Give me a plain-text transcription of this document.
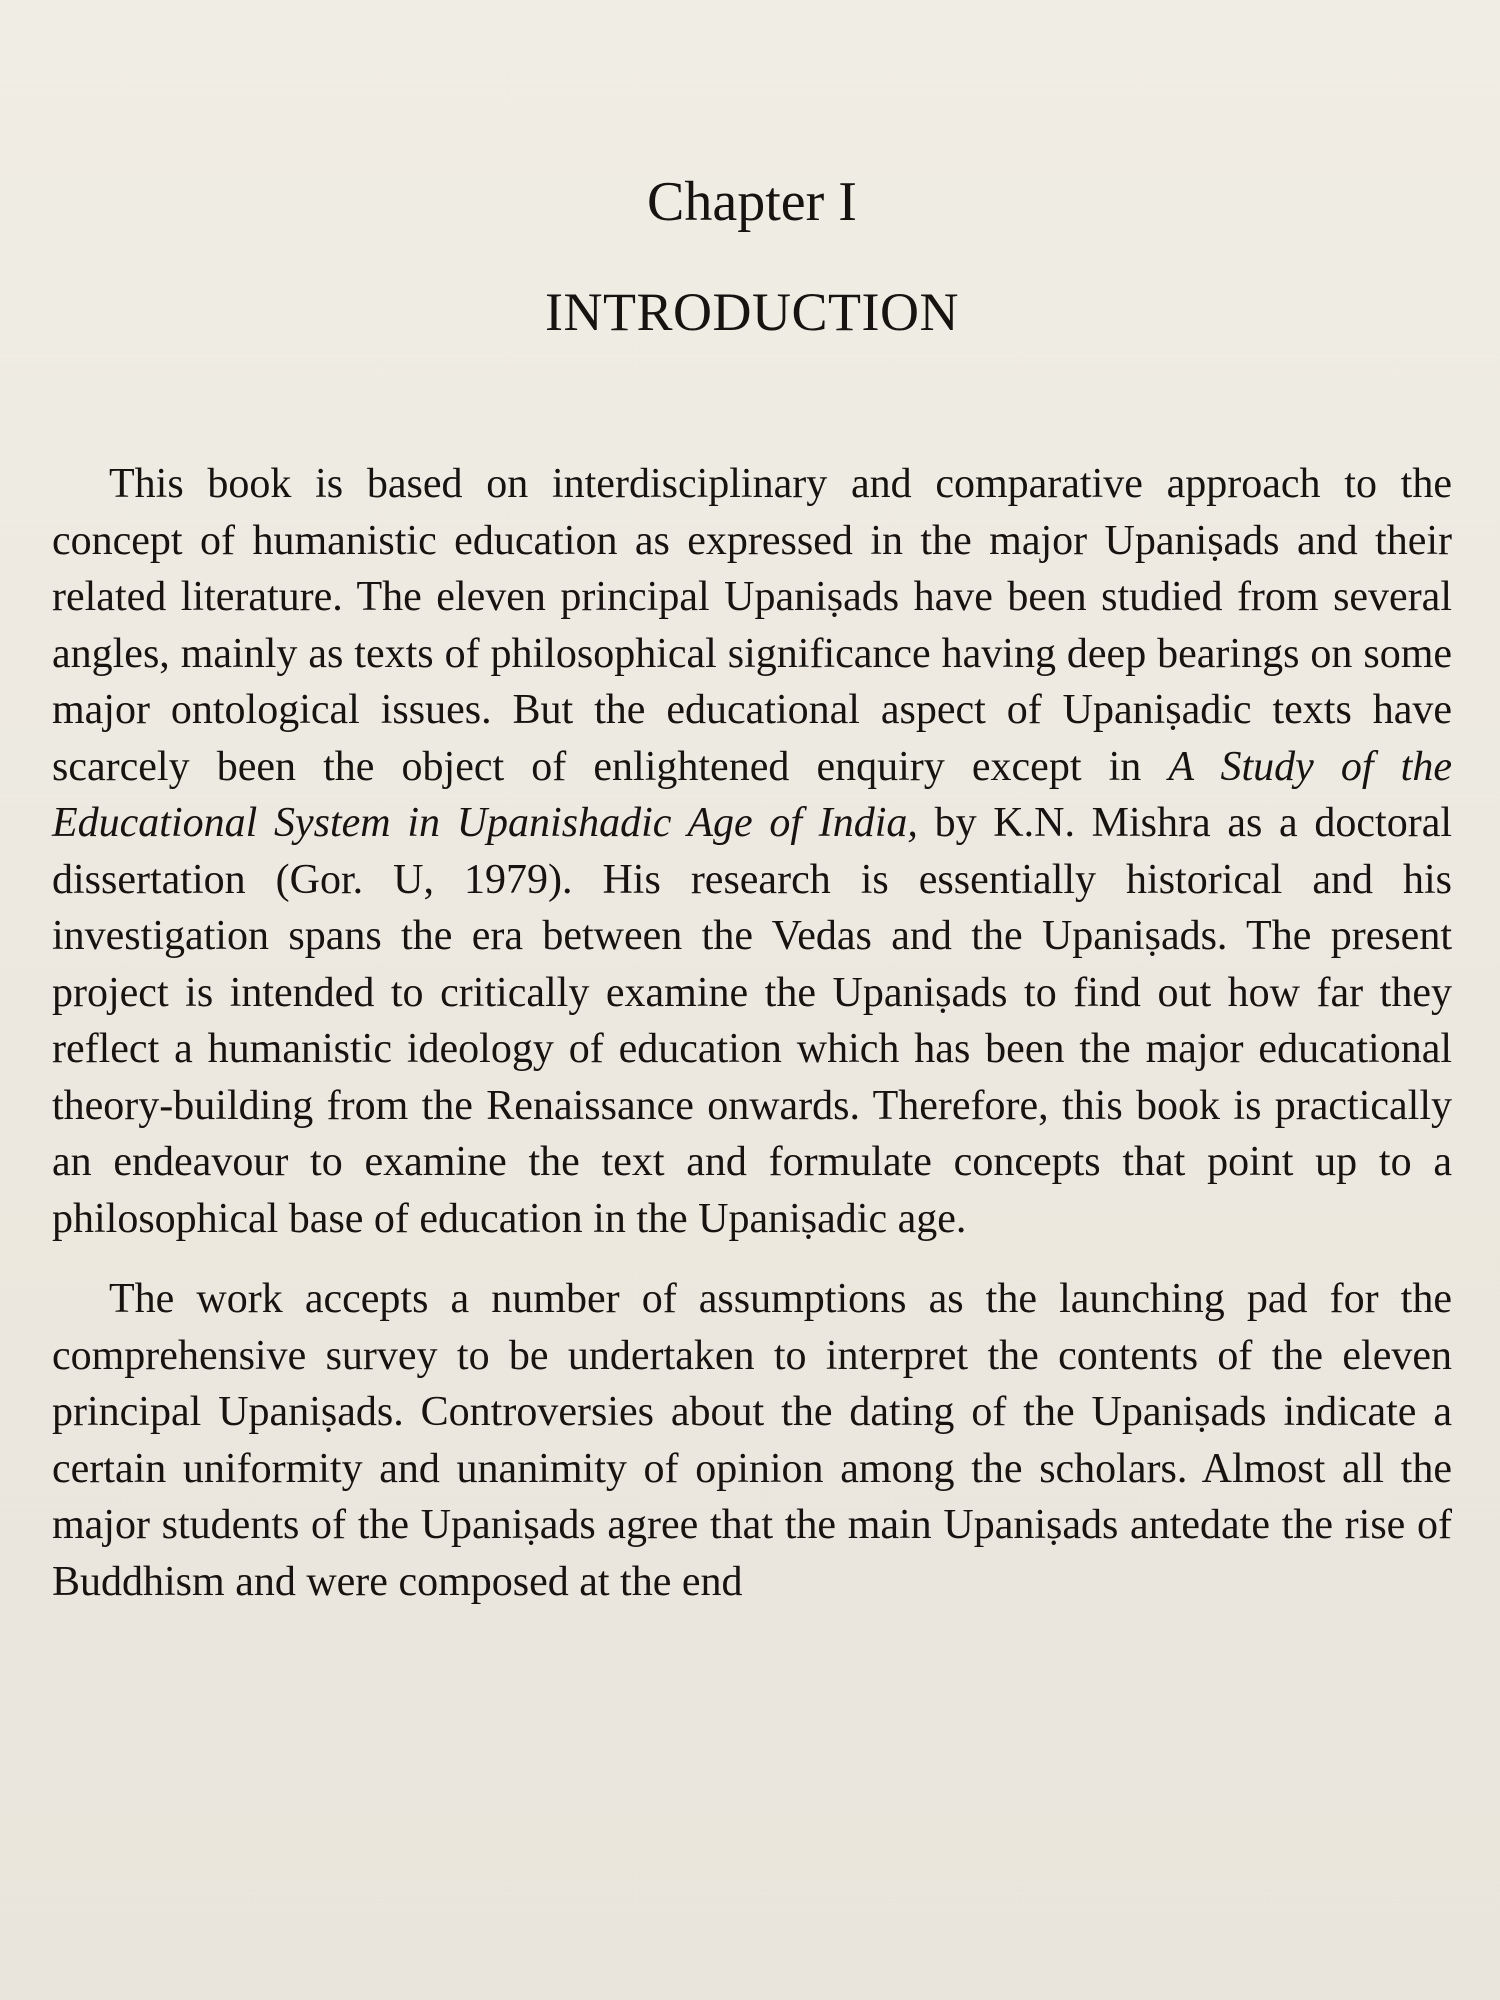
Chapter I
INTRODUCTION

This book is based on interdisciplinary and comparative approach to the concept of humanistic education as expressed in the major Upaniṣads and their related literature. The eleven principal Upaniṣads have been studied from several angles, mainly as texts of philosophical significance having deep bearings on some major ontological issues. But the educational aspect of Upaniṣadic texts have scarcely been the object of enlightened enquiry except in A Study of the Educational System in Upanishadic Age of India, by K.N. Mishra as a doctoral dissertation (Gor. U, 1979). His research is essentially historical and his investigation spans the era between the Vedas and the Upaniṣads. The present project is intended to critically examine the Upaniṣads to find out how far they reflect a humanistic ideology of education which has been the major educational theory-building from the Renaissance onwards. Therefore, this book is practically an endeavour to examine the text and formulate concepts that point up to a philosophical base of education in the Upaniṣadic age.

The work accepts a number of assumptions as the launching pad for the comprehensive survey to be undertaken to interpret the contents of the eleven principal Upaniṣads. Controversies about the dating of the Upaniṣads indicate a certain uniformity and unanimity of opinion among the scholars. Almost all the major students of the Upaniṣads agree that the main Upaniṣads antedate the rise of Buddhism and were composed at the end
